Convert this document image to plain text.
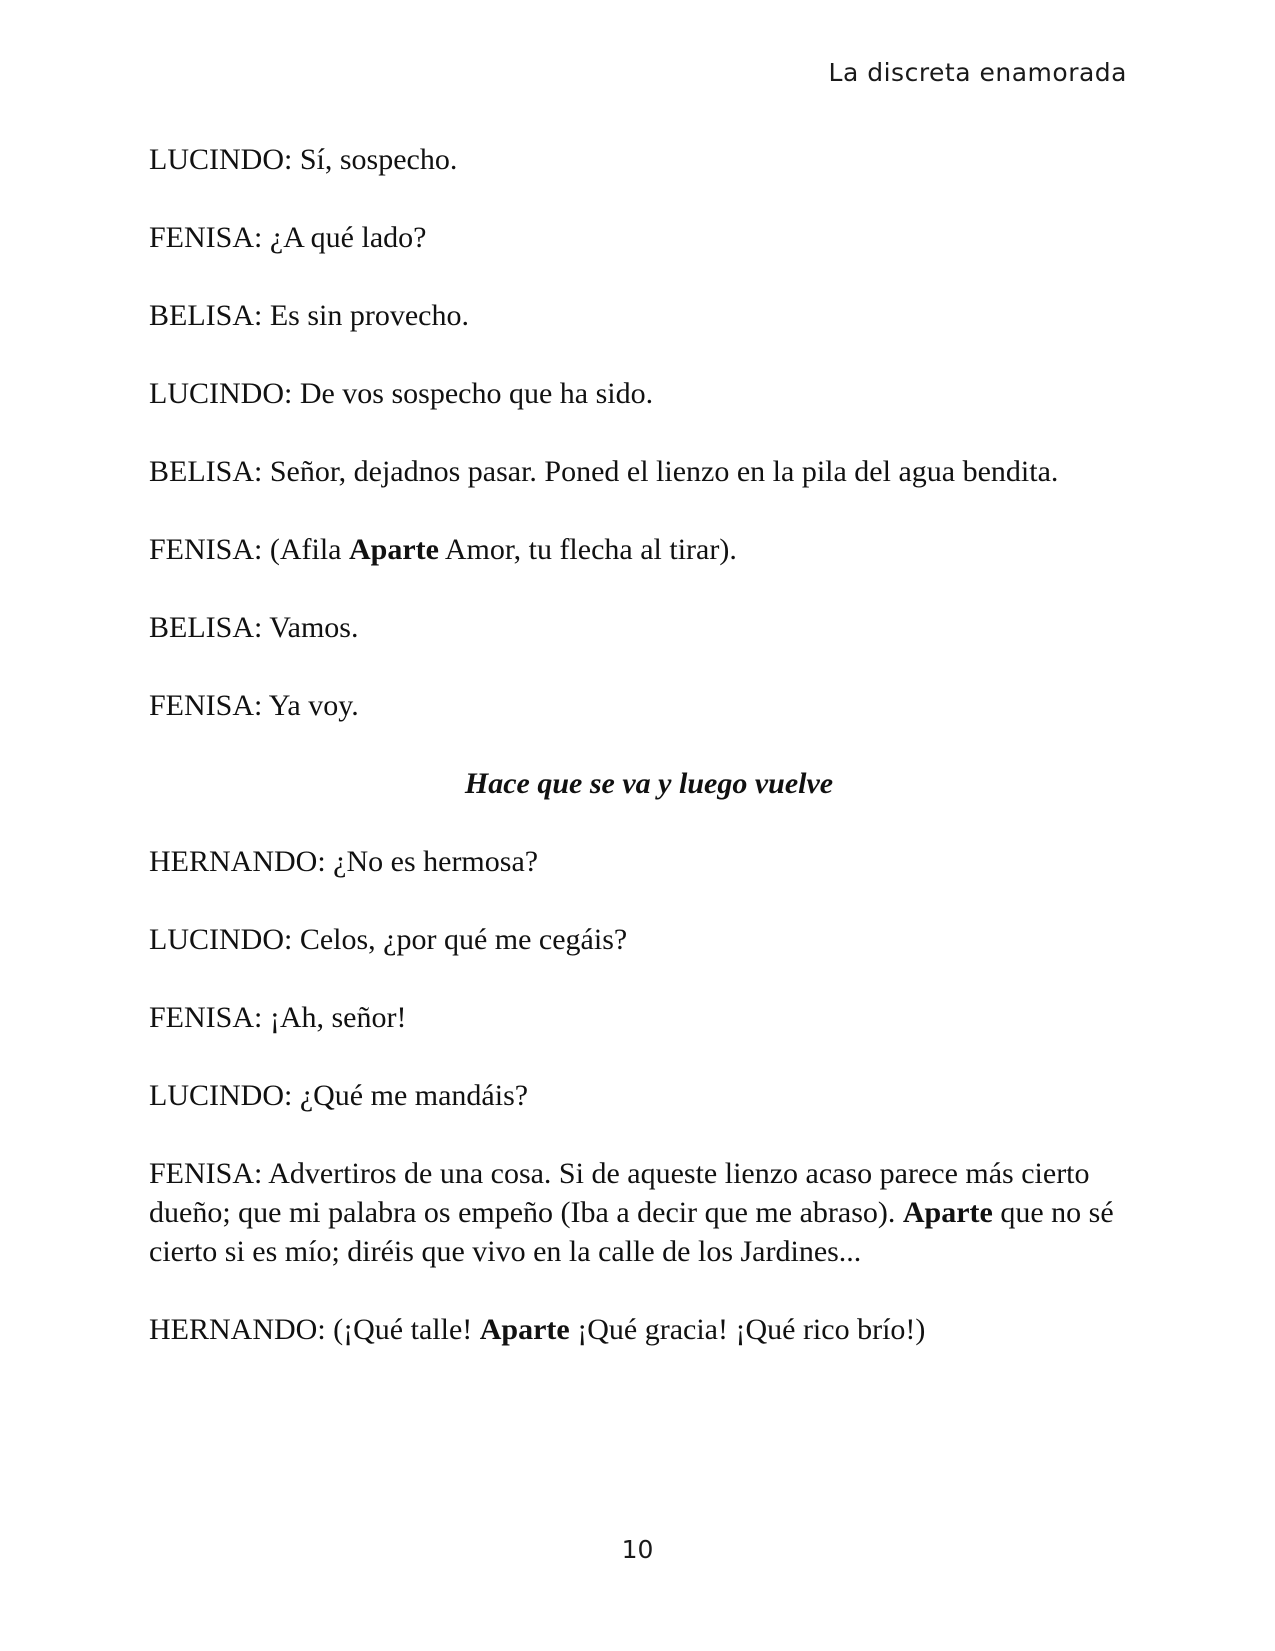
La discreta enamorada

LUCINDO: Sí, sospecho.

FENISA: ¿A qué lado?

BELISA: Es sin provecho.

LUCINDO: De vos sospecho que ha sido.

BELISA: Señor, dejadnos pasar. Poned el lienzo en la pila del agua bendita.

FENISA: (Afila Aparte Amor, tu flecha al tirar).

BELISA: Vamos.

FENISA: Ya voy.

Hace que se va y luego vuelve

HERNANDO: ¿No es hermosa?

LUCINDO: Celos, ¿por qué me cegáis?

FENISA: ¡Ah, señor!

LUCINDO: ¿Qué me mandáis?

FENISA: Advertiros de una cosa. Si de aqueste lienzo acaso parece más cierto dueño; que mi palabra os empeño (Iba a decir que me abraso). Aparte que no sé cierto si es mío; diréis que vivo en la calle de los Jardines...

HERNANDO: (¡Qué talle! Aparte ¡Qué gracia! ¡Qué rico brío!)

10
